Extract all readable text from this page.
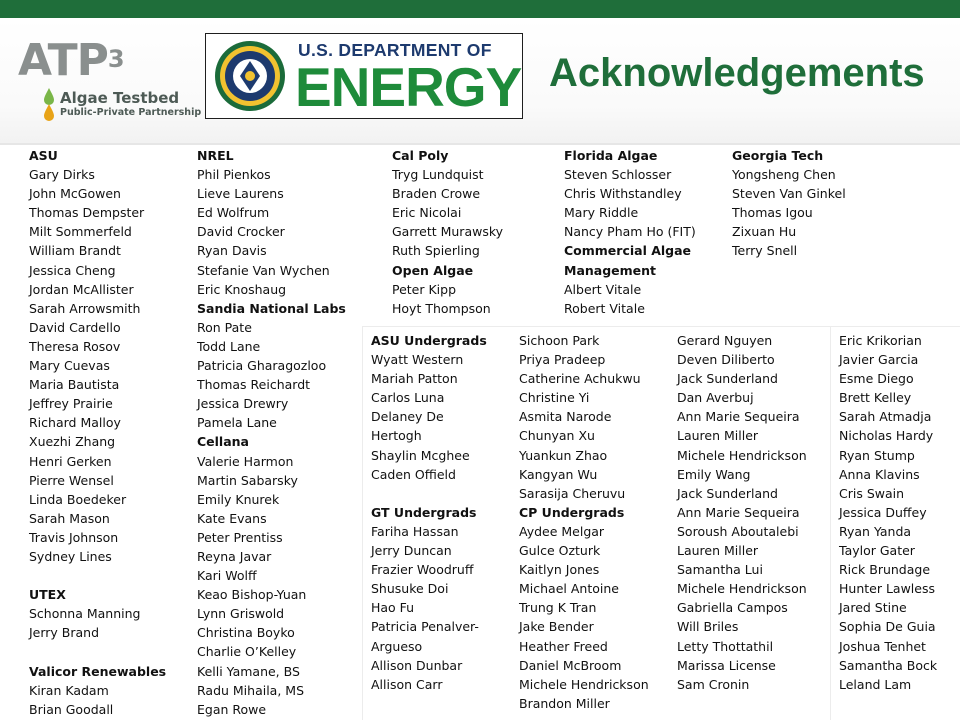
ATP$^3$
Algae Testbed
Public-Private Partnership
U.S. DEPARTMENT OF
ENERGY Acknowledgements
ASU
Gary Dirks
John McGowen
Thomas Dempster
Milt Sommerfeld
William Brandt
Jessica Cheng
Jordan McAllister
Sarah Arrowsmith
David Cardello
Theresa Rosov
Mary Cuevas
Maria Bautista
Jeffrey Prairie
Richard Malloy
Xuezhi Zhang
Henri Gerken
Pierre Wensel
Linda Boedeker
Sarah Mason
Travis Johnson
Sydney Lines
UTEX
Schonna Manning
Jerry Brand
Valicor Renewables
Kiran Kadam
Brian Goodall
NREL
Phil Pienkos
Lieve Laurens
Ed Wolfrum
David Crocker
Ryan Davis
Stefanie Van Wychen
Eric Knoshaug
Sandia National Labs
Ron Pate
Todd Lane
Patricia Gharagozloo
Thomas Reichardt
Jessica Drewry
Pamela Lane
Cellana
Valerie Harmon
Martin Sabarsky
Emily Knurek
Kate Evans
Peter Prentiss
Reyna Javar
Kari Wolff
Keao Bishop-Yuan
Lynn Griswold
Christina Boyko
Charlie O’Kelley
Kelli Yamane, BS
Radu Mihaila, MS
Egan Rowe
Cal Poly
Tryg Lundquist
Braden Crowe
Eric Nicolai
Garrett Murawsky
Ruth Spierling
Open Algae
Peter Kipp
Hoyt Thompson
Florida Algae
Steven Schlosser
Chris Withstandley
Mary Riddle
Nancy Pham Ho (FIT)
Commercial Algae
Management
Albert Vitale
Robert Vitale
Georgia Tech
Yongsheng Chen
Steven Van Ginkel
Thomas Igou
Zixuan Hu
Terry Snell
ASU Undergrads
Wyatt Western
Mariah Patton
Carlos Luna
Delaney De
Hertogh
Shaylin Mcghee
Caden Offield
GT Undergrads
Fariha Hassan
Jerry Duncan
Frazier Woodruff
Shusuke Doi
Hao Fu
Patricia Penalver-
Argueso
Allison Dunbar
Allison Carr
Sichoon Park
Priya Pradeep
Catherine Achukwu
Christine Yi
Asmita Narode
Chunyan Xu
Yuankun Zhao
Kangyan Wu
Sarasija Cheruvu
CP Undergrads
Aydee Melgar
Gulce Ozturk
Kaitlyn Jones
Michael Antoine
Trung K Tran
Jake Bender
Heather Freed
Daniel McBroom
Michele Hendrickson
Brandon Miller
Gerard Nguyen
Deven Diliberto
Jack Sunderland
Dan Averbuj
Ann Marie Sequeira
Lauren Miller
Michele Hendrickson
Emily Wang
Jack Sunderland
Ann Marie Sequeira
Soroush Aboutalebi
Lauren Miller
Samantha Lui
Michele Hendrickson
Gabriella Campos
Will Briles
Letty Thottathil
Marissa License
Sam Cronin
Eric Krikorian
Javier Garcia
Esme Diego
Brett Kelley
Sarah Atmadja
Nicholas Hardy
Ryan Stump
Anna Klavins
Cris Swain
Jessica Duffey
Ryan Yanda
Taylor Gater
Rick Brundage
Hunter Lawless
Jared Stine
Sophia De Guia
Joshua Tenhet
Samantha Bock
Leland Lam
